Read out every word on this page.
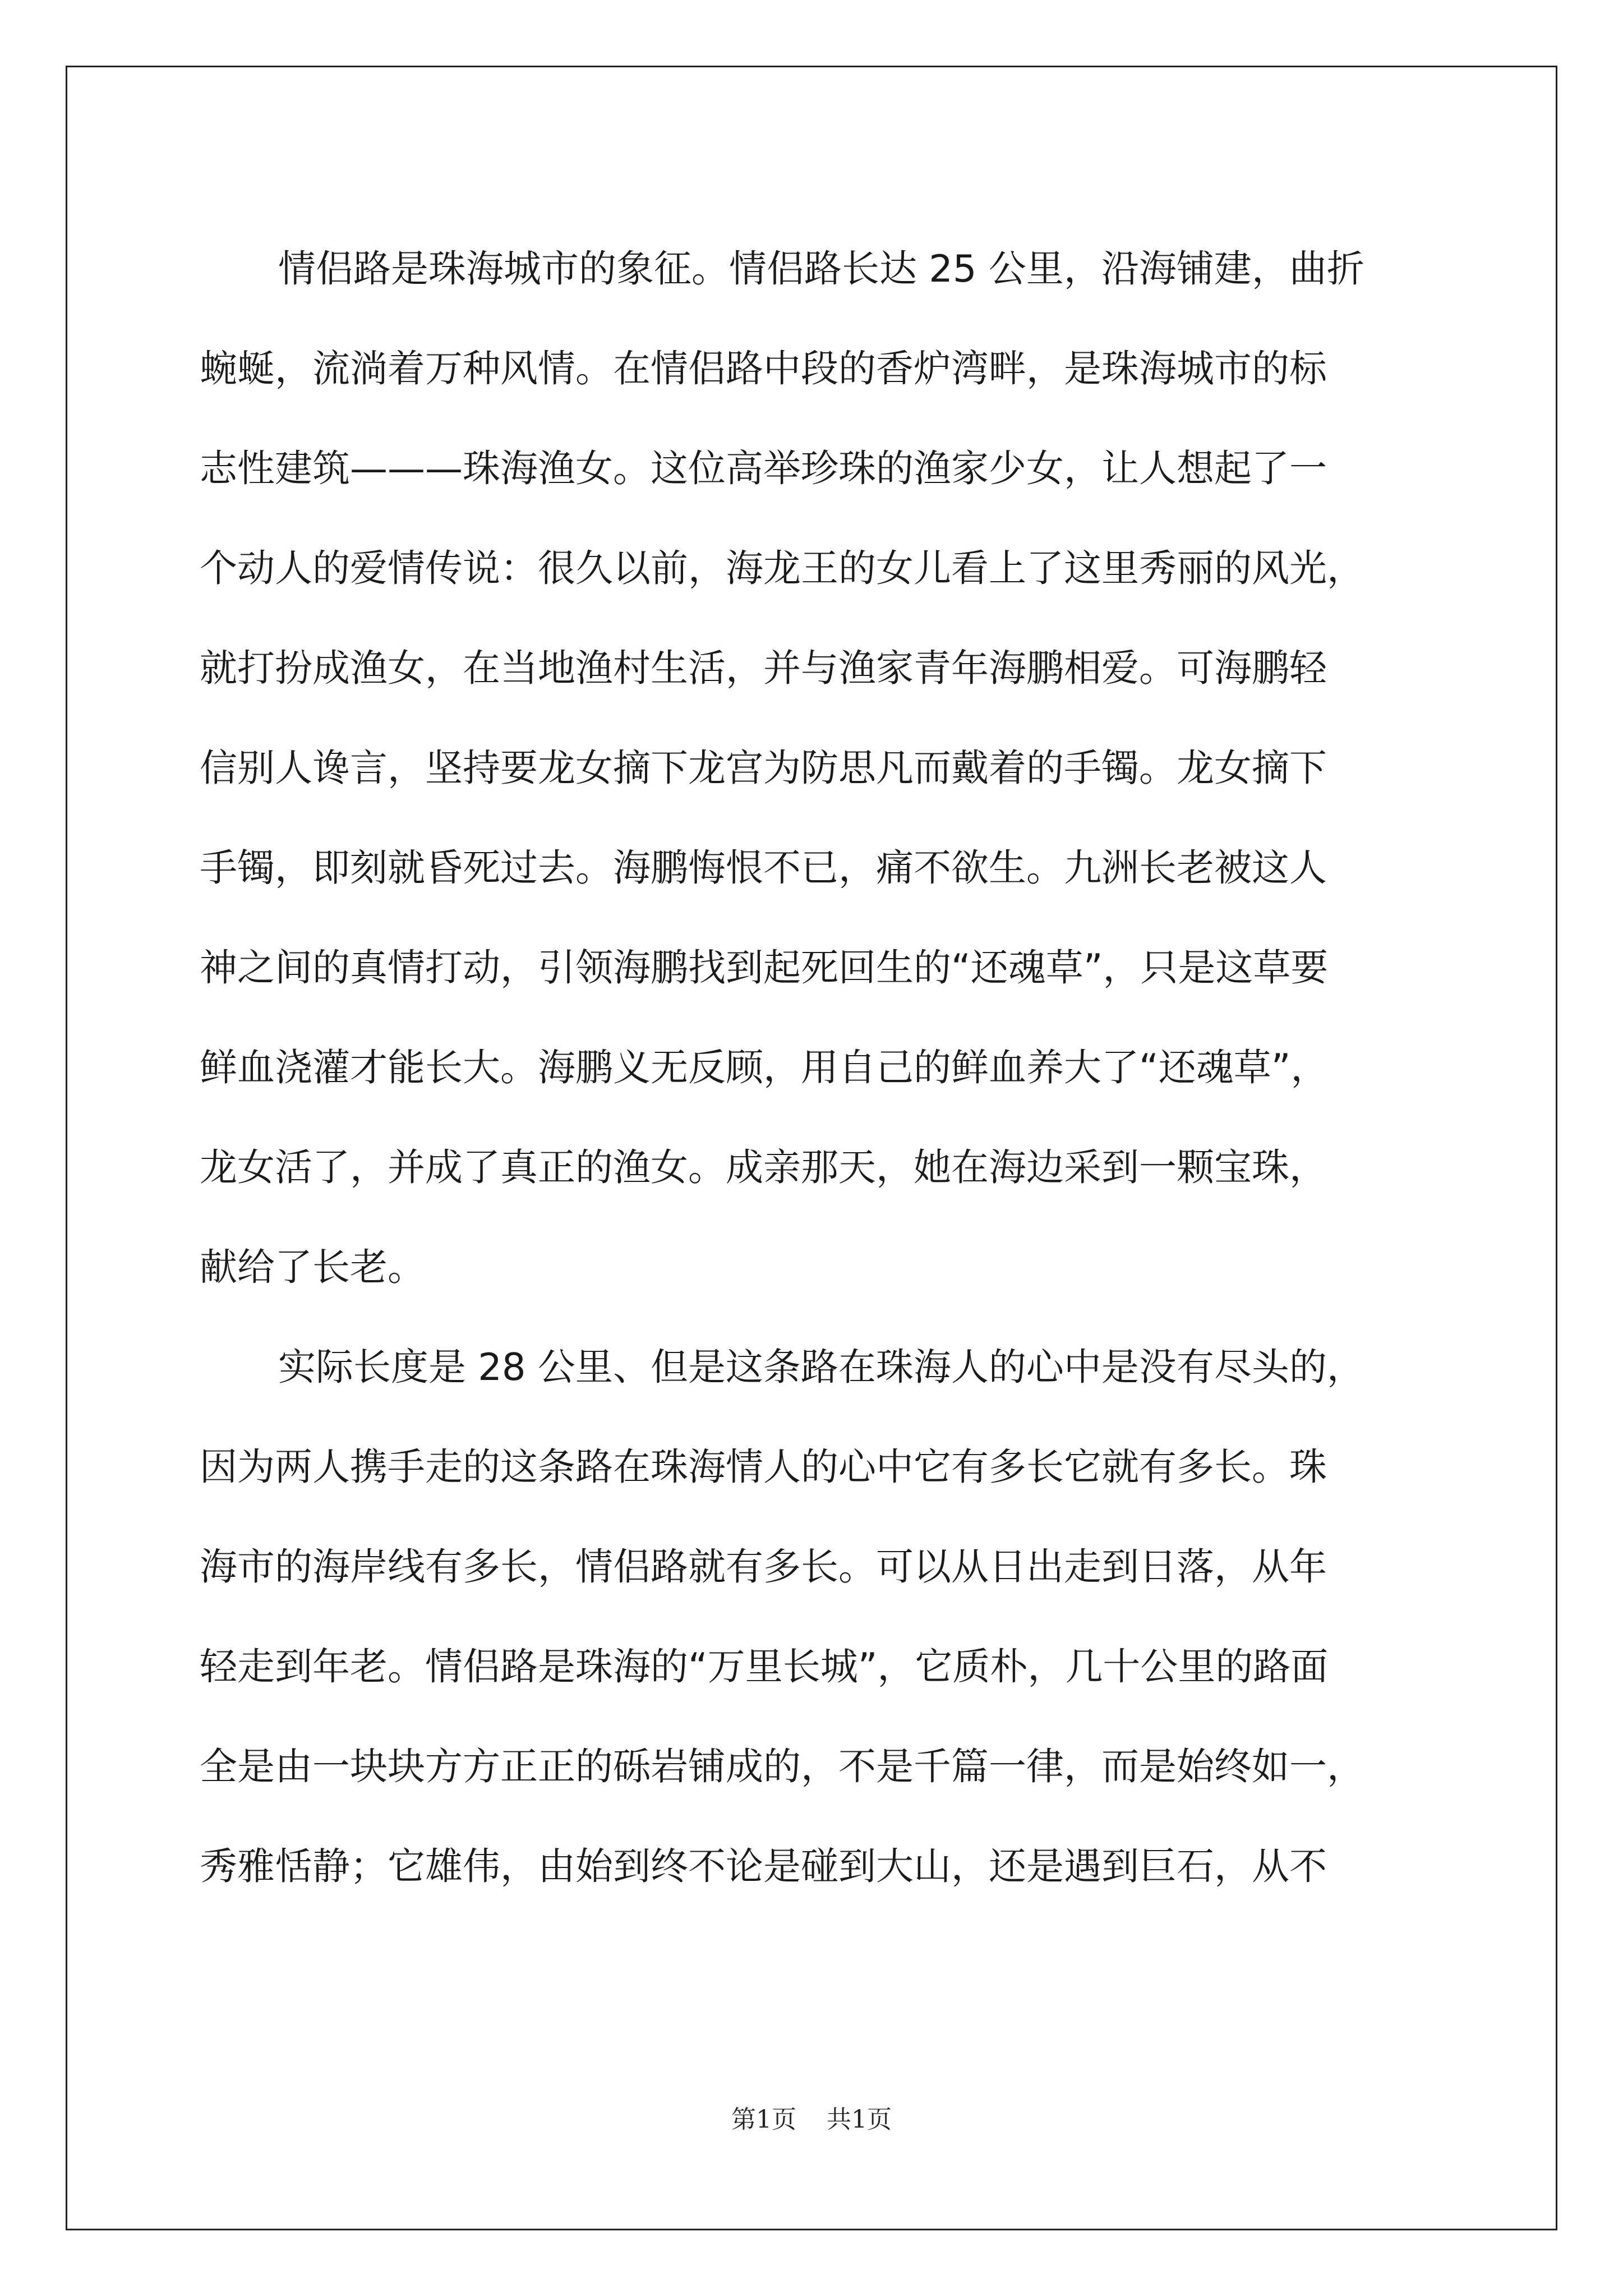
情侣路是珠海城市的象征。情侣路长达 25 公里，沿海铺建，曲折
蜿蜒，流淌着万种风情。在情侣路中段的香炉湾畔，是珠海城市的标
志性建筑———珠海渔女。这位高举珍珠的渔家少女，让人想起了一
个动人的爱情传说：很久以前，海龙王的女儿看上了这里秀丽的风光，
就打扮成渔女，在当地渔村生活，并与渔家青年海鹏相爱。可海鹏轻
信别人谗言，坚持要龙女摘下龙宫为防思凡而戴着的手镯。龙女摘下
手镯，即刻就昏死过去。海鹏悔恨不已，痛不欲生。九洲长老被这人
神之间的真情打动，引领海鹏找到起死回生的“还魂草”，只是这草要
鲜血浇灌才能长大。海鹏义无反顾，用自己的鲜血养大了“还魂草”，
龙女活了，并成了真正的渔女。成亲那天，她在海边采到一颗宝珠，
献给了长老。
实际长度是 28 公里、但是这条路在珠海人的心中是没有尽头的，
因为两人携手走的这条路在珠海情人的心中它有多长它就有多长。珠
海市的海岸线有多长，情侣路就有多长。可以从日出走到日落，从年
轻走到年老。情侣路是珠海的“万里长城”，它质朴，几十公里的路面
全是由一块块方方正正的砾岩铺成的，不是千篇一律，而是始终如一，
秀雅恬静；它雄伟，由始到终不论是碰到大山，还是遇到巨石，从不
第1页 共1页
